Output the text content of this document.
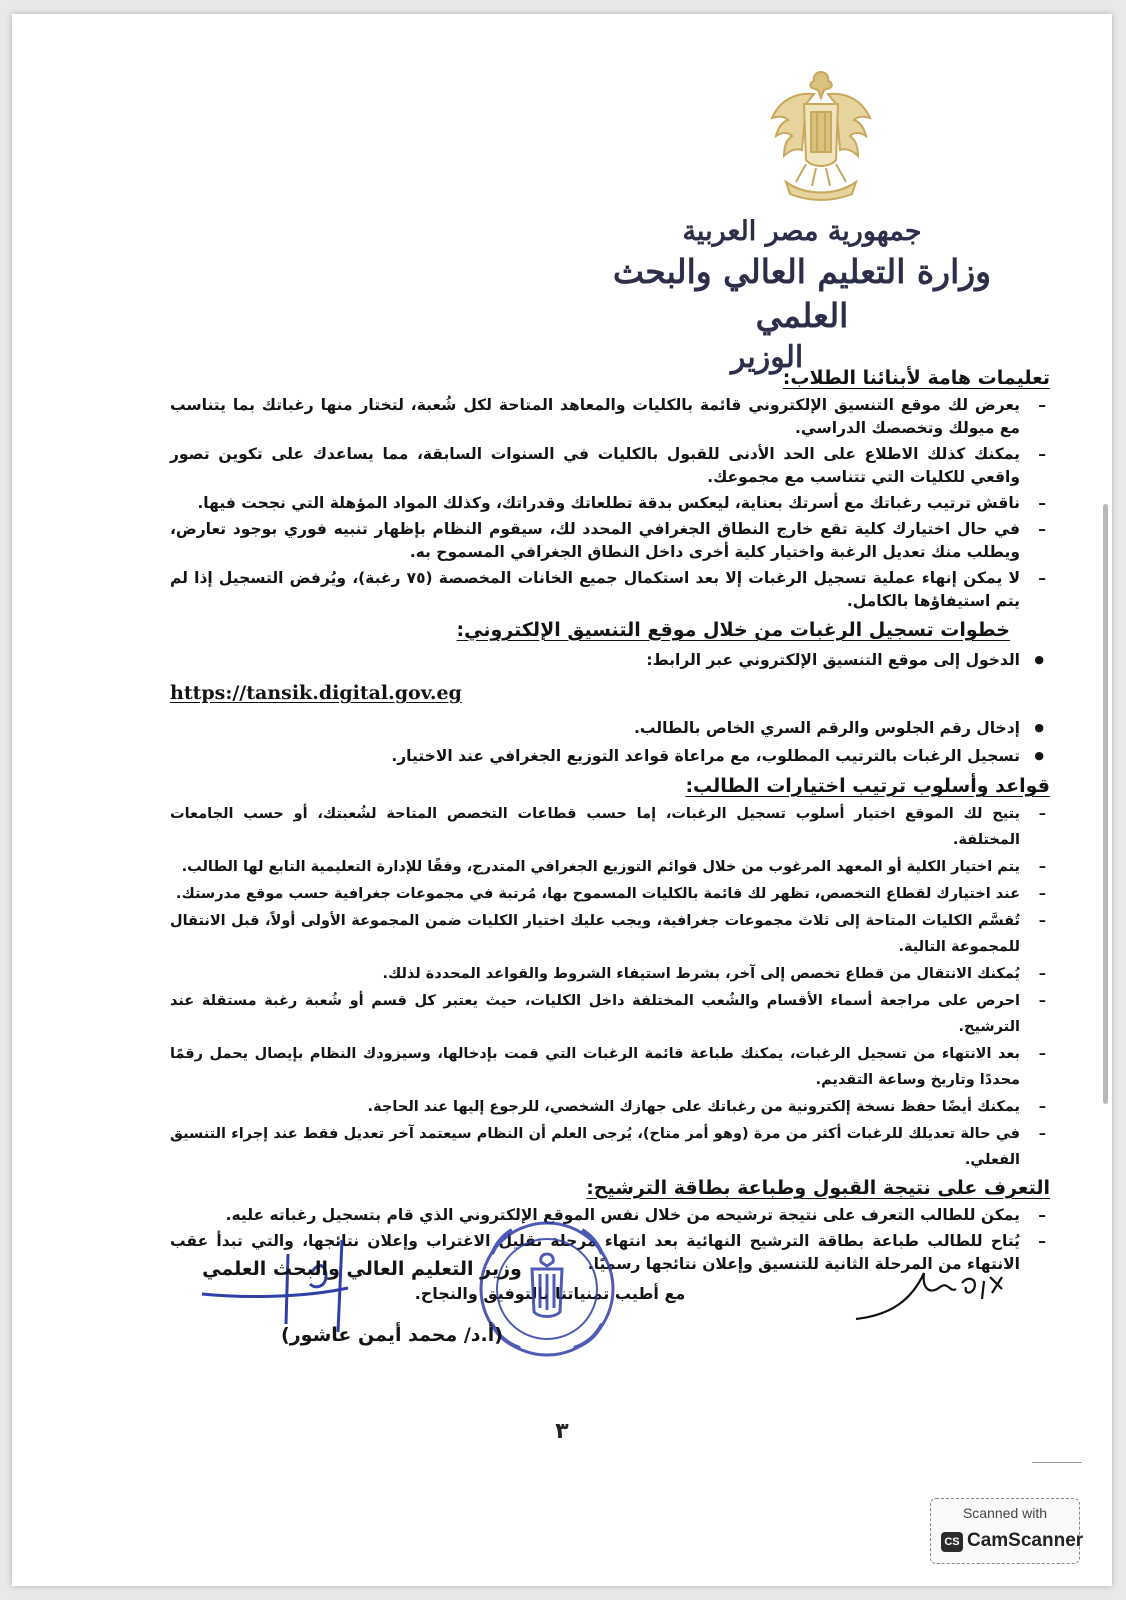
جمهورية مصر العربية
وزارة التعليم العالي والبحث العلمي
الوزير
تعليمات هامة لأبنائنا الطلاب:
– يعرض لك موقع التنسيق الإلكتروني قائمة بالكليات والمعاهد المتاحة لكل شُعبة، لتختار منها رغباتك بما يتناسب مع ميولك وتخصصك الدراسي.
– يمكنك كذلك الاطلاع على الحد الأدنى للقبول بالكليات في السنوات السابقة، مما يساعدك على تكوين تصور واقعي للكليات التي تتناسب مع مجموعك.
– ناقش ترتيب رغباتك مع أسرتك بعناية، ليعكس بدقة تطلعاتك وقدراتك، وكذلك المواد المؤهلة التي نجحت فيها.
– في حال اختيارك كلية تقع خارج النطاق الجغرافي المحدد لك، سيقوم النظام بإظهار تنبيه فوري بوجود تعارض، ويطلب منك تعديل الرغبة واختيار كلية أخرى داخل النطاق الجغرافي المسموح به.
– لا يمكن إنهاء عملية تسجيل الرغبات إلا بعد استكمال جميع الخانات المخصصة (٧٥ رغبة)، ويُرفض التسجيل إذا لم يتم استيفاؤها بالكامل.
خطوات تسجيل الرغبات من خلال موقع التنسيق الإلكتروني:
● الدخول إلى موقع التنسيق الإلكتروني عبر الرابط:
https://tansik.digital.gov.eg
● إدخال رقم الجلوس والرقم السري الخاص بالطالب.
● تسجيل الرغبات بالترتيب المطلوب، مع مراعاة قواعد التوزيع الجغرافي عند الاختيار.
قواعد وأسلوب ترتيب اختيارات الطالب:
– يتيح لك الموقع اختيار أسلوب تسجيل الرغبات، إما حسب قطاعات التخصص المتاحة لشُعبتك، أو حسب الجامعات المختلفة.
– يتم اختيار الكلية أو المعهد المرغوب من خلال قوائم التوزيع الجغرافي المتدرج، وفقًا للإدارة التعليمية التابع لها الطالب.
– عند اختيارك لقطاع التخصص، تظهر لك قائمة بالكليات المسموح بها، مُرتبة في مجموعات جغرافية حسب موقع مدرستك.
– تُقسَّم الكليات المتاحة إلى ثلاث مجموعات جغرافية، ويجب عليك اختيار الكليات ضمن المجموعة الأولى أولاً، قبل الانتقال للمجموعة التالية.
– يُمكنك الانتقال من قطاع تخصص إلى آخر، بشرط استيفاء الشروط والقواعد المحددة لذلك.
– احرص على مراجعة أسماء الأقسام والشُعب المختلفة داخل الكليات، حيث يعتبر كل قسم أو شُعبة رغبة مستقلة عند الترشيح.
– بعد الانتهاء من تسجيل الرغبات، يمكنك طباعة قائمة الرغبات التي قمت بإدخالها، وسيزودك النظام بإيصال يحمل رقمًا محددًا وتاريخ وساعة التقديم.
– يمكنك أيضًا حفظ نسخة إلكترونية من رغباتك على جهازك الشخصي، للرجوع إليها عند الحاجة.
– في حالة تعديلك للرغبات أكثر من مرة (وهو أمر متاح)، يُرجى العلم أن النظام سيعتمد آخر تعديل فقط عند إجراء التنسيق الفعلي.
التعرف على نتيجة القبول وطباعة بطاقة الترشيح:
– يمكن للطالب التعرف على نتيجة ترشيحه من خلال نفس الموقع الإلكتروني الذي قام بتسجيل رغباته عليه.
– يُتاح للطالب طباعة بطاقة الترشيح النهائية بعد انتهاء مرحلة تقليل الاغتراب وإعلان نتائجها، والتي تبدأ عقب الانتهاء من المرحلة الثانية للتنسيق وإعلان نتائجها رسميًا.

مع أطيب تمنياتنا بالتوفيق والنجاح.

وزير التعليم العالي والبحث العلمي
(أ.د/ محمد أيمن عاشور)
٣
Scanned with
CS CamScanner
